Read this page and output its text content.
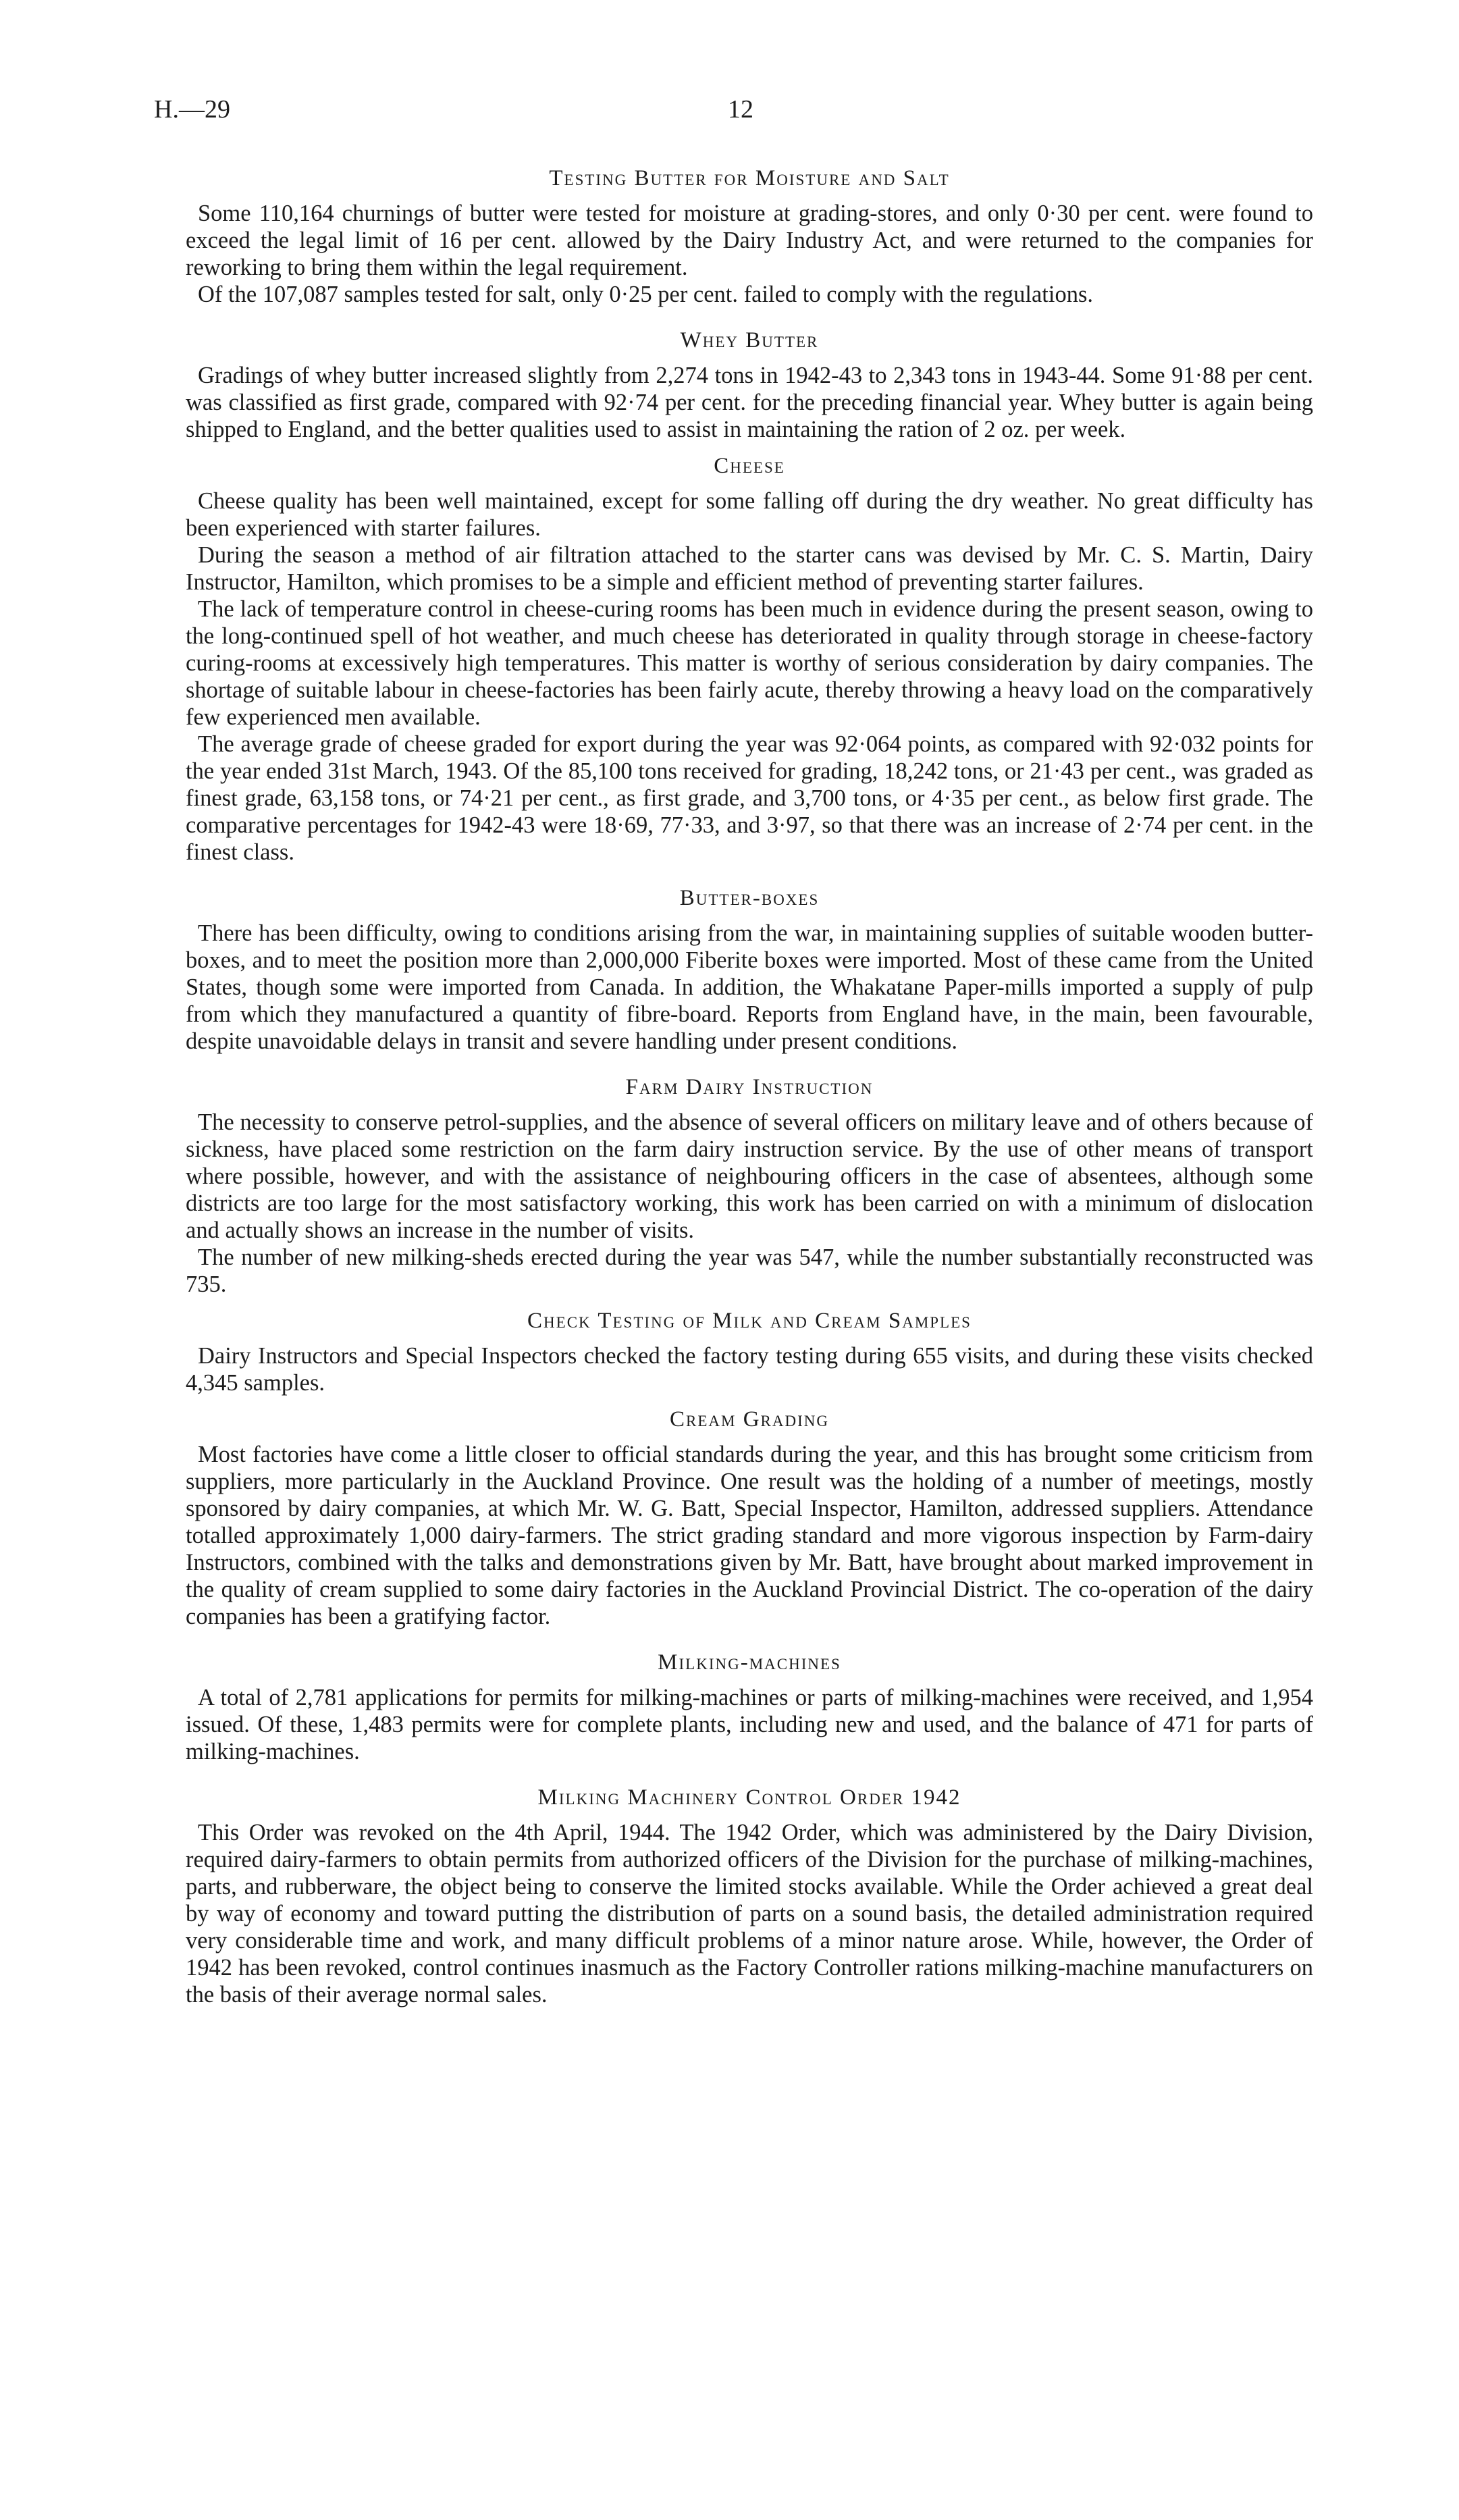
H.—29	12
Testing Butter for Moisture and Salt

Some 110,164 churnings of butter were tested for moisture at grading-stores, and only 0·30 per cent. were found to exceed the legal limit of 16 per cent. allowed by the Dairy Industry Act, and were returned to the companies for reworking to bring them within the legal requirement.

Of the 107,087 samples tested for salt, only 0·25 per cent. failed to comply with the regulations.

Whey Butter

Gradings of whey butter increased slightly from 2,274 tons in 1942-43 to 2,343 tons in 1943-44. Some 91·88 per cent. was classified as first grade, compared with 92·74 per cent. for the preceding financial year. Whey butter is again being shipped to England, and the better qualities used to assist in maintaining the ration of 2 oz. per week.

Cheese

Cheese quality has been well maintained, except for some falling off during the dry weather. No great difficulty has been experienced with starter failures.

During the season a method of air filtration attached to the starter cans was devised by Mr. C. S. Martin, Dairy Instructor, Hamilton, which promises to be a simple and efficient method of preventing starter failures.

The lack of temperature control in cheese-curing rooms has been much in evidence during the present season, owing to the long-continued spell of hot weather, and much cheese has deteriorated in quality through storage in cheese-factory curing-rooms at excessively high temperatures. This matter is worthy of serious consideration by dairy companies. The shortage of suitable labour in cheese-factories has been fairly acute, thereby throwing a heavy load on the comparatively few experienced men available.

The average grade of cheese graded for export during the year was 92·064 points, as compared with 92·032 points for the year ended 31st March, 1943. Of the 85,100 tons received for grading, 18,242 tons, or 21·43 per cent., was graded as finest grade, 63,158 tons, or 74·21 per cent., as first grade, and 3,700 tons, or 4·35 per cent., as below first grade. The comparative percentages for 1942-43 were 18·69, 77·33, and 3·97, so that there was an increase of 2·74 per cent. in the finest class.

Butter-boxes

There has been difficulty, owing to conditions arising from the war, in maintaining supplies of suitable wooden butter-boxes, and to meet the position more than 2,000,000 Fiberite boxes were imported. Most of these came from the United States, though some were imported from Canada. In addition, the Whakatane Paper-mills imported a supply of pulp from which they manufactured a quantity of fibre-board. Reports from England have, in the main, been favourable, despite unavoidable delays in transit and severe handling under present conditions.

Farm Dairy Instruction

The necessity to conserve petrol-supplies, and the absence of several officers on military leave and of others because of sickness, have placed some restriction on the farm dairy instruction service. By the use of other means of transport where possible, however, and with the assistance of neighbouring officers in the case of absentees, although some districts are too large for the most satisfactory working, this work has been carried on with a minimum of dislocation and actually shows an increase in the number of visits.

The number of new milking-sheds erected during the year was 547, while the number substantially reconstructed was 735.

Check Testing of Milk and Cream Samples

Dairy Instructors and Special Inspectors checked the factory testing during 655 visits, and during these visits checked 4,345 samples.

Cream Grading

Most factories have come a little closer to official standards during the year, and this has brought some criticism from suppliers, more particularly in the Auckland Province. One result was the holding of a number of meetings, mostly sponsored by dairy companies, at which Mr. W. G. Batt, Special Inspector, Hamilton, addressed suppliers. Attendance totalled approximately 1,000 dairy-farmers. The strict grading standard and more vigorous inspection by Farm-dairy Instructors, combined with the talks and demonstrations given by Mr. Batt, have brought about marked improvement in the quality of cream supplied to some dairy factories in the Auckland Provincial District. The co-operation of the dairy companies has been a gratifying factor.

Milking-machines

A total of 2,781 applications for permits for milking-machines or parts of milking-machines were received, and 1,954 issued. Of these, 1,483 permits were for complete plants, including new and used, and the balance of 471 for parts of milking-machines.

Milking Machinery Control Order 1942

This Order was revoked on the 4th April, 1944. The 1942 Order, which was administered by the Dairy Division, required dairy-farmers to obtain permits from authorized officers of the Division for the purchase of milking-machines, parts, and rubberware, the object being to conserve the limited stocks available. While the Order achieved a great deal by way of economy and toward putting the distribution of parts on a sound basis, the detailed administration required very considerable time and work, and many difficult problems of a minor nature arose. While, however, the Order of 1942 has been revoked, control continues inasmuch as the Factory Controller rations milking-machine manufacturers on the basis of their average normal sales.
